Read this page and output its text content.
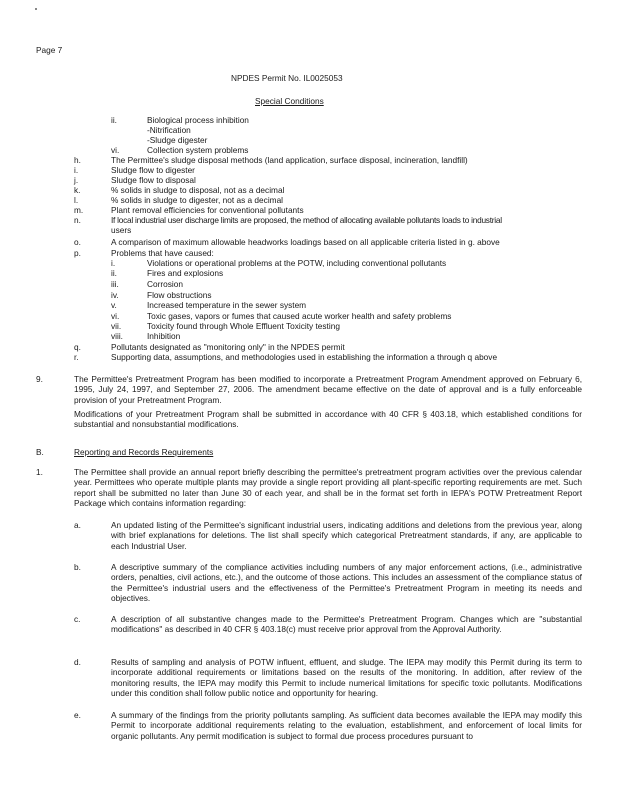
Page 7
NPDES Permit No. IL0025053
Special Conditions
ii.	Biological process inhibition
-Nitrification
-Sludge digester
vi.	Collection system problems
h.	The Permittee's sludge disposal methods (land application, surface disposal, incineration, landfill)
i.	Sludge flow to digester
j.	Sludge flow to disposal
k.	% solids in sludge to disposal, not as a decimal
l.	% solids in sludge to digester, not as a decimal
m.	Plant removal efficiencies for conventional pollutants
n.	If local industrial user discharge limits are proposed, the method of allocating available pollutants loads to industrial
users
o.	A comparison of maximum allowable headworks loadings based on all applicable criteria listed in g. above
p.	Problems that have caused:
i.	Violations or operational problems at the POTW, including conventional pollutants
ii.	Fires and explosions
iii.	Corrosion
iv.	Flow obstructions
v.	Increased temperature in the sewer system
vi.	Toxic gases, vapors or fumes that caused acute worker health and safety problems
vii.	Toxicity found through Whole Effluent Toxicity testing
viii.	Inhibition
q.	Pollutants designated as "monitoring only" in the NPDES permit
r.	Supporting data, assumptions, and methodologies used in establishing the information a through q above
9.	The Permittee's Pretreatment Program has been modified to incorporate a Pretreatment Program Amendment approved on February 6, 1995, July 24, 1997, and September 27, 2006. The amendment became effective on the date of approval and is a fully enforceable provision of your Pretreatment Program.
Modifications of your Pretreatment Program shall be submitted in accordance with 40 CFR § 403.18, which established conditions for substantial and nonsubstantial modifications.
B.	Reporting and Records Requirements
1.	The Permittee shall provide an annual report briefly describing the permittee's pretreatment program activities over the previous calendar year. Permittees who operate multiple plants may provide a single report providing all plant-specific reporting requirements are met. Such report shall be submitted no later than June 30 of each year, and shall be in the format set forth in IEPA's POTW Pretreatment Report Package which contains information regarding:
a.	An updated listing of the Permittee's significant industrial users, indicating additions and deletions from the previous year, along with brief explanations for deletions. The list shall specify which categorical Pretreatment standards, if any, are applicable to each Industrial User.
b.	A descriptive summary of the compliance activities including numbers of any major enforcement actions, (i.e., administrative orders, penalties, civil actions, etc.), and the outcome of those actions. This includes an assessment of the compliance status of the Permittee's industrial users and the effectiveness of the Permittee's Pretreatment Program in meeting its needs and objectives.
c.	A description of all substantive changes made to the Permittee's Pretreatment Program. Changes which are "substantial modifications" as described in 40 CFR § 403.18(c) must receive prior approval from the Approval Authority.
d.	Results of sampling and analysis of POTW influent, effluent, and sludge. The IEPA may modify this Permit during its term to incorporate additional requirements or limitations based on the results of the monitoring. In addition, after review of the monitoring results, the IEPA may modify this Permit to include numerical limitations for specific toxic pollutants. Modifications under this condition shall follow public notice and opportunity for hearing.
e.	A summary of the findings from the priority pollutants sampling. As sufficient data becomes available the IEPA may modify this Permit to incorporate additional requirements relating to the evaluation, establishment, and enforcement of local limits for organic pollutants. Any permit modification is subject to formal due process procedures pursuant to
